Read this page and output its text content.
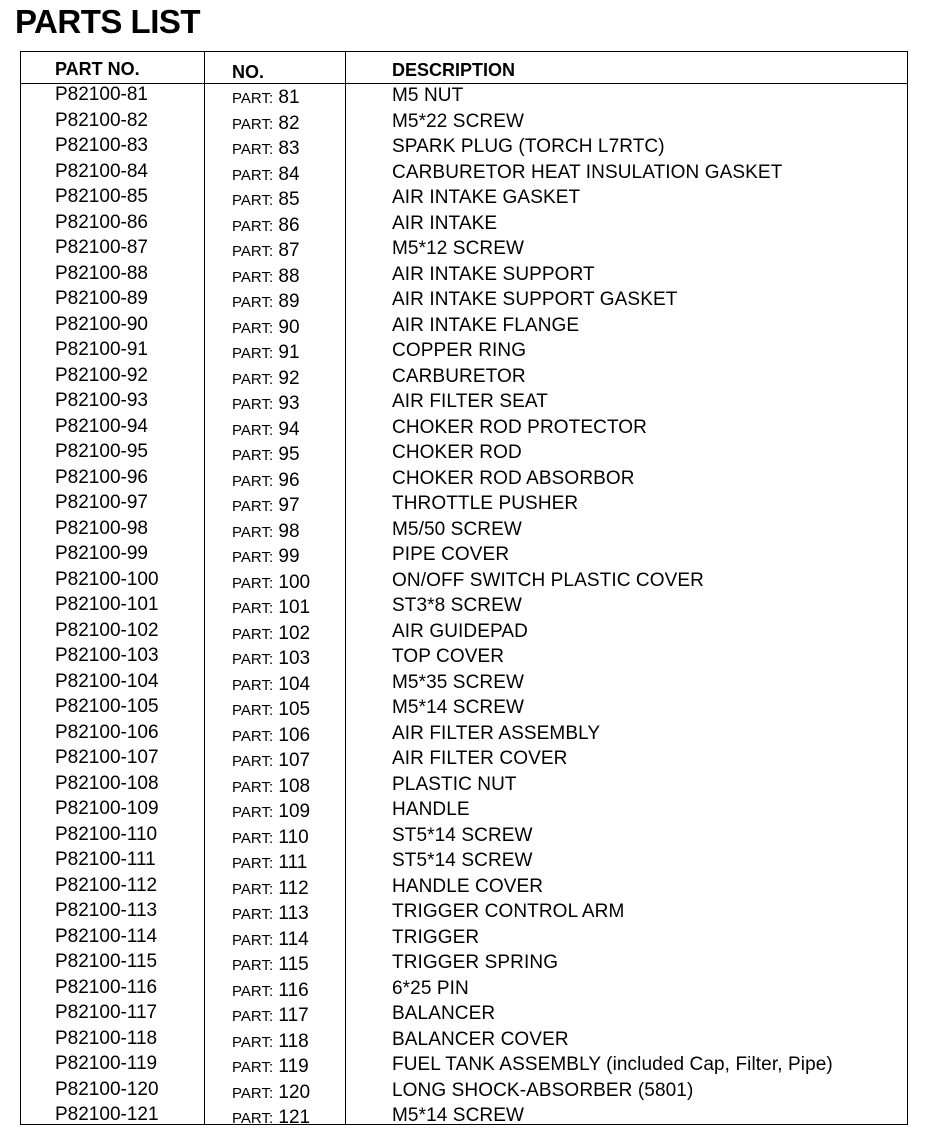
PARTS LIST
PART NO.	NO.	DESCRIPTION
P82100-81	PART: 81	M5 NUT
P82100-82	PART: 82	M5*22 SCREW
P82100-83	PART: 83	SPARK PLUG (TORCH L7RTC)
P82100-84	PART: 84	CARBURETOR HEAT INSULATION GASKET
P82100-85	PART: 85	AIR INTAKE GASKET
P82100-86	PART: 86	AIR INTAKE
P82100-87	PART: 87	M5*12 SCREW
P82100-88	PART: 88	AIR INTAKE SUPPORT
P82100-89	PART: 89	AIR INTAKE SUPPORT GASKET
P82100-90	PART: 90	AIR INTAKE FLANGE
P82100-91	PART: 91	COPPER RING
P82100-92	PART: 92	CARBURETOR
P82100-93	PART: 93	AIR FILTER SEAT
P82100-94	PART: 94	CHOKER ROD PROTECTOR
P82100-95	PART: 95	CHOKER ROD
P82100-96	PART: 96	CHOKER ROD ABSORBOR
P82100-97	PART: 97	THROTTLE PUSHER
P82100-98	PART: 98	M5/50 SCREW
P82100-99	PART: 99	PIPE COVER
P82100-100	PART: 100	ON/OFF SWITCH PLASTIC COVER
P82100-101	PART: 101	ST3*8 SCREW
P82100-102	PART: 102	AIR GUIDEPAD
P82100-103	PART: 103	TOP COVER
P82100-104	PART: 104	M5*35 SCREW
P82100-105	PART: 105	M5*14 SCREW
P82100-106	PART: 106	AIR FILTER ASSEMBLY
P82100-107	PART: 107	AIR FILTER COVER
P82100-108	PART: 108	PLASTIC NUT
P82100-109	PART: 109	HANDLE
P82100-110	PART: 110	ST5*14 SCREW
P82100-111	PART: 111	ST5*14 SCREW
P82100-112	PART: 112	HANDLE COVER
P82100-113	PART: 113	TRIGGER CONTROL ARM
P82100-114	PART: 114	TRIGGER
P82100-115	PART: 115	TRIGGER SPRING
P82100-116	PART: 116	6*25 PIN
P82100-117	PART: 117	BALANCER
P82100-118	PART: 118	BALANCER COVER
P82100-119	PART: 119	FUEL TANK ASSEMBLY (included Cap, Filter, Pipe)
P82100-120	PART: 120	LONG SHOCK-ABSORBER (5801)
P82100-121	PART: 121	M5*14 SCREW
